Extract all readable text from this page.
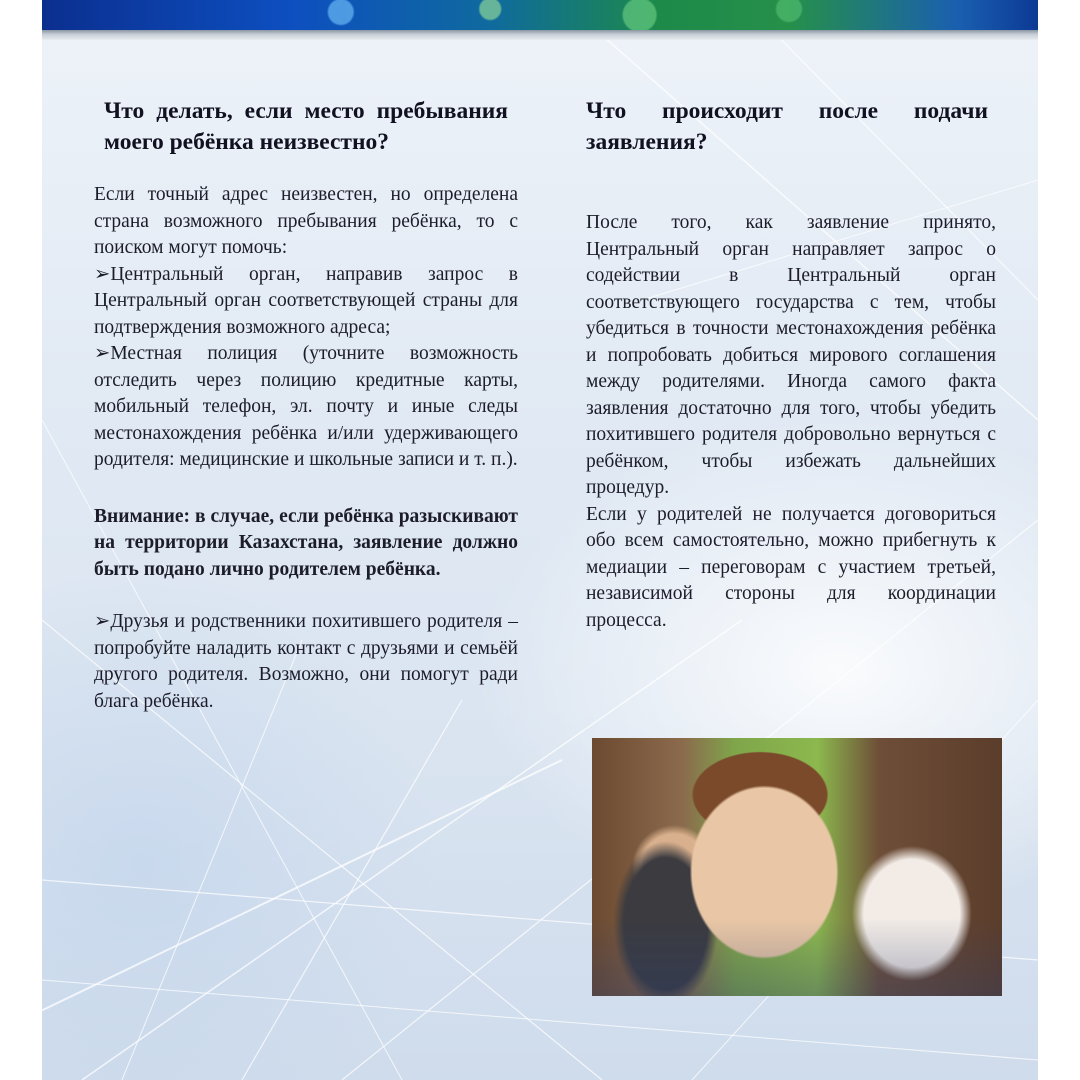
Что делать, если место пребывания моего ребёнка неизвестно?

Если точный адрес неизвестен, но определена страна возможного пребывания ребёнка, то с поиском могут помочь:

➢Центральный орган, направив запрос в Центральный орган соответствующей страны для подтверждения возможного адреса;

➢Местная полиция (уточните возможность отследить через полицию кредитные карты, мобильный телефон, эл. почту и иные следы местонахождения ребёнка и/или удерживающего родителя: медицинские и школьные записи и т. п.).

Внимание: в случае, если ребёнка разыскивают на территории Казахстана, заявление должно быть подано лично родителем ребёнка.

➢Друзья и родственники похитившего родителя – попробуйте наладить контакт с друзьями и семьёй другого родителя. Возможно, они помогут ради блага ребёнка.

Что происходит после подачи заявления?

После того, как заявление принято, Центральный орган направляет запрос о содействии в Центральный орган соответствующего государства с тем, чтобы убедиться в точности местонахождения ребёнка и попробовать добиться мирового соглашения между родителями. Иногда самого факта заявления достаточно для того, чтобы убедить похитившего родителя добровольно вернуться с ребёнком, чтобы избежать дальнейших процедур.

Если у родителей не получается договориться обо всем самостоятельно, можно прибегнуть к медиации – переговорам с участием третьей, независимой стороны для координации процесса.
